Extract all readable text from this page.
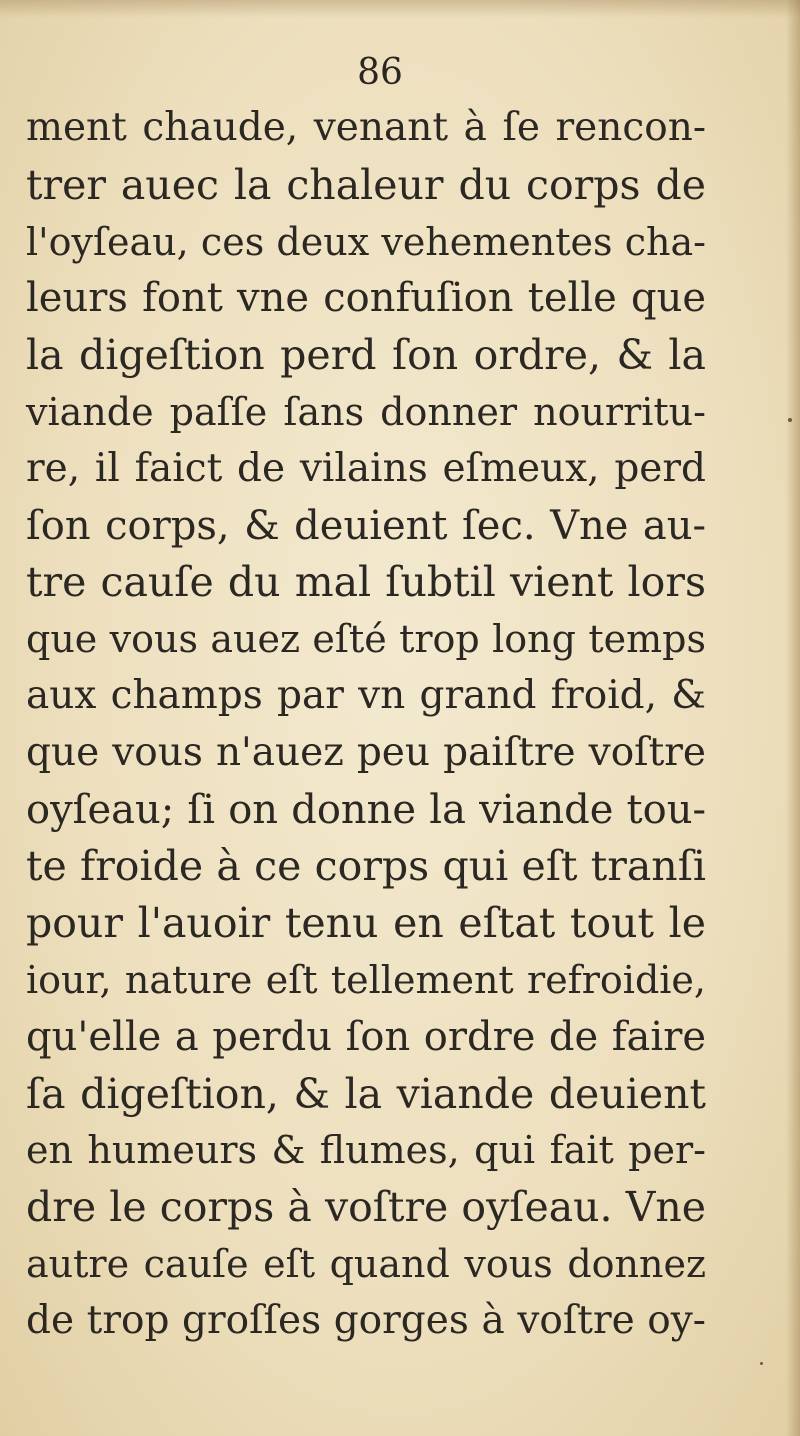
86
ment chaude, venant à ſe rencon-
trer auec la chaleur du corps de
l'oyſeau, ces deux vehementes cha-
leurs font vne confuſion telle que
la digeſtion perd ſon ordre, & la
viande paſſe ſans donner nourritu-
re, il faict de vilains eſmeux, perd
ſon corps, & deuient ſec. Vne au-
tre cauſe du mal ſubtil vient lors
que vous auez eſté trop long temps
aux champs par vn grand froid, &
que vous n'auez peu paiſtre voſtre
oyſeau; ſi on donne la viande tou-
te froide à ce corps qui eſt tranſi
pour l'auoir tenu en eſtat tout le
iour, nature eſt tellement refroidie,
qu'elle a perdu ſon ordre de faire
ſa digeſtion, & la viande deuient
en humeurs & flumes, qui fait per-
dre le corps à voſtre oyſeau. Vne
autre cauſe eſt quand vous donnez
de trop groſſes gorges à voſtre oy-
